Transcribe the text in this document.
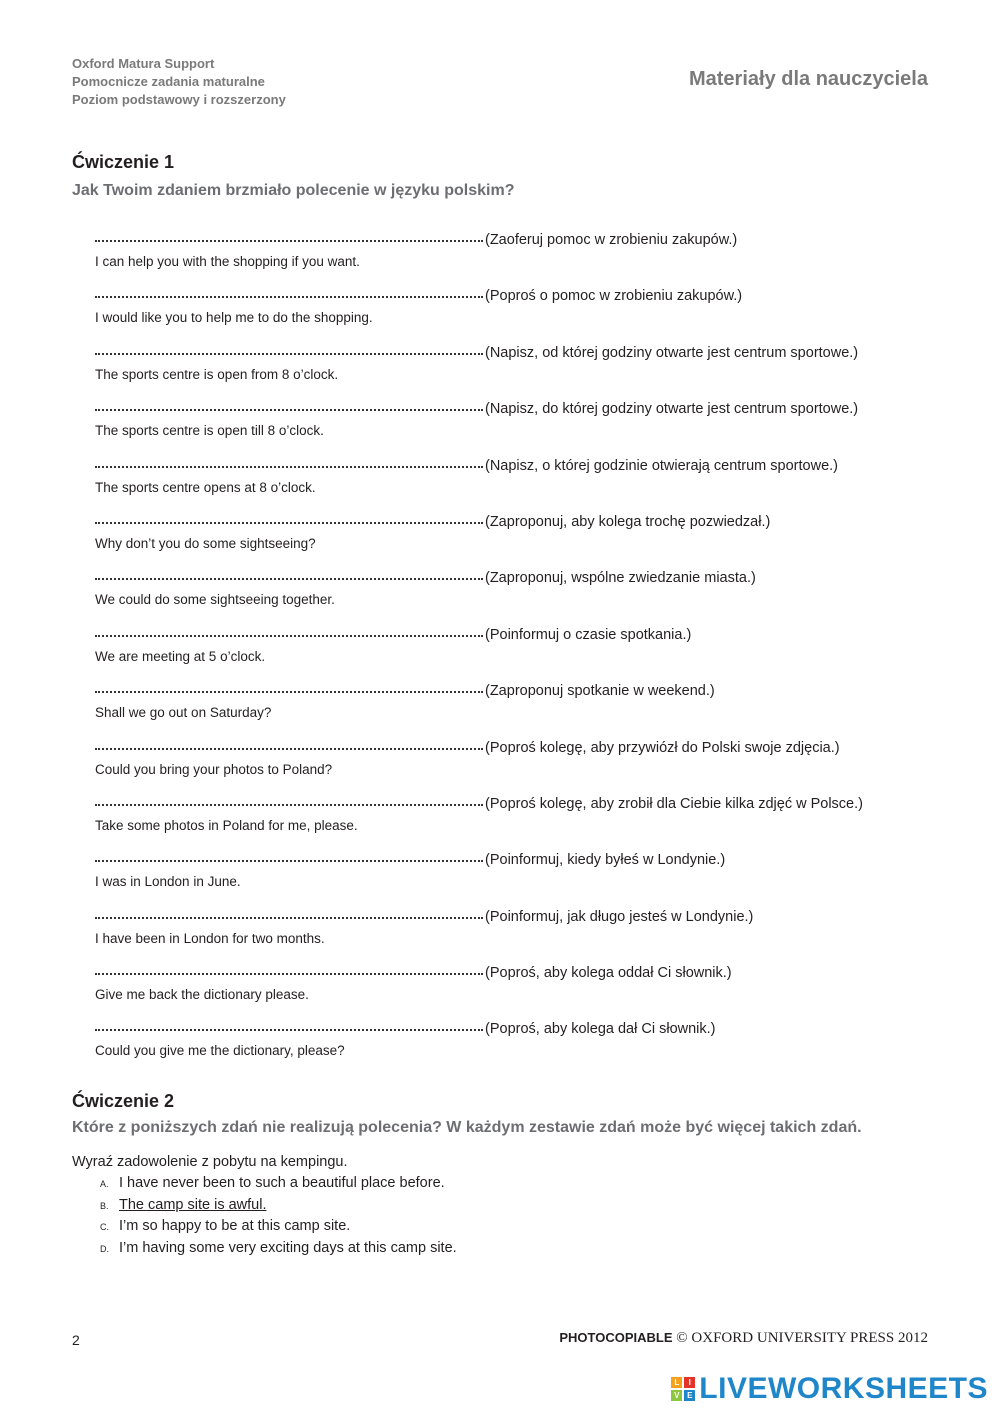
Oxford Matura Support
Pomocnicze zadania maturalne
Poziom podstawowy i rozszerzony
Materiały dla nauczyciela
Ćwiczenie 1
Jak Twoim zdaniem brzmiało polecenie w języku polskim?
(Zaoferuj pomoc w zrobieniu zakupów.)
I can help you with the shopping if you want.
(Poproś o pomoc w zrobieniu zakupów.)
I would like you to help me to do the shopping.
(Napisz, od której godziny otwarte jest centrum sportowe.)
The sports centre is open from 8 o’clock.
(Napisz, do której godziny otwarte jest centrum sportowe.)
The sports centre is open till 8 o’clock.
(Napisz, o której godzinie otwierają centrum sportowe.)
The sports centre opens at 8 o’clock.
(Zaproponuj, aby kolega trochę pozwiedzał.)
Why don’t you do some sightseeing?
(Zaproponuj, wspólne zwiedzanie miasta.)
We could do some sightseeing together.
(Poinformuj o czasie spotkania.)
We are meeting at 5 o’clock.
(Zaproponuj spotkanie w weekend.)
Shall we go out on Saturday?
(Poproś kolegę, aby przywiózł do Polski swoje zdjęcia.)
Could you bring your photos to Poland?
(Poproś kolegę, aby zrobił dla Ciebie kilka zdjęć w Polsce.)
Take some photos in Poland for me, please.
(Poinformuj, kiedy byłeś w Londynie.)
I was in London in June.
(Poinformuj, jak długo jesteś w Londynie.)
I have been in London for two months.
(Poproś, aby kolega oddał Ci słownik.)
Give me back the dictionary please.
(Poproś, aby kolega dał Ci słownik.)
Could you give me the dictionary, please?
Ćwiczenie 2
Które z poniższych zdań nie realizują polecenia? W każdym zestawie zdań może być więcej takich zdań.
Wyraź zadowolenie z pobytu na kempingu.
A. I have never been to such a beautiful place before.
B. The camp site is awful.
C. I’m so happy to be at this camp site.
D. I’m having some very exciting days at this camp site.
2	PHOTOCOPIABLE © OXFORD UNIVERSITY PRESS 2012
L	I
V E LIVEWORKSHEETS
